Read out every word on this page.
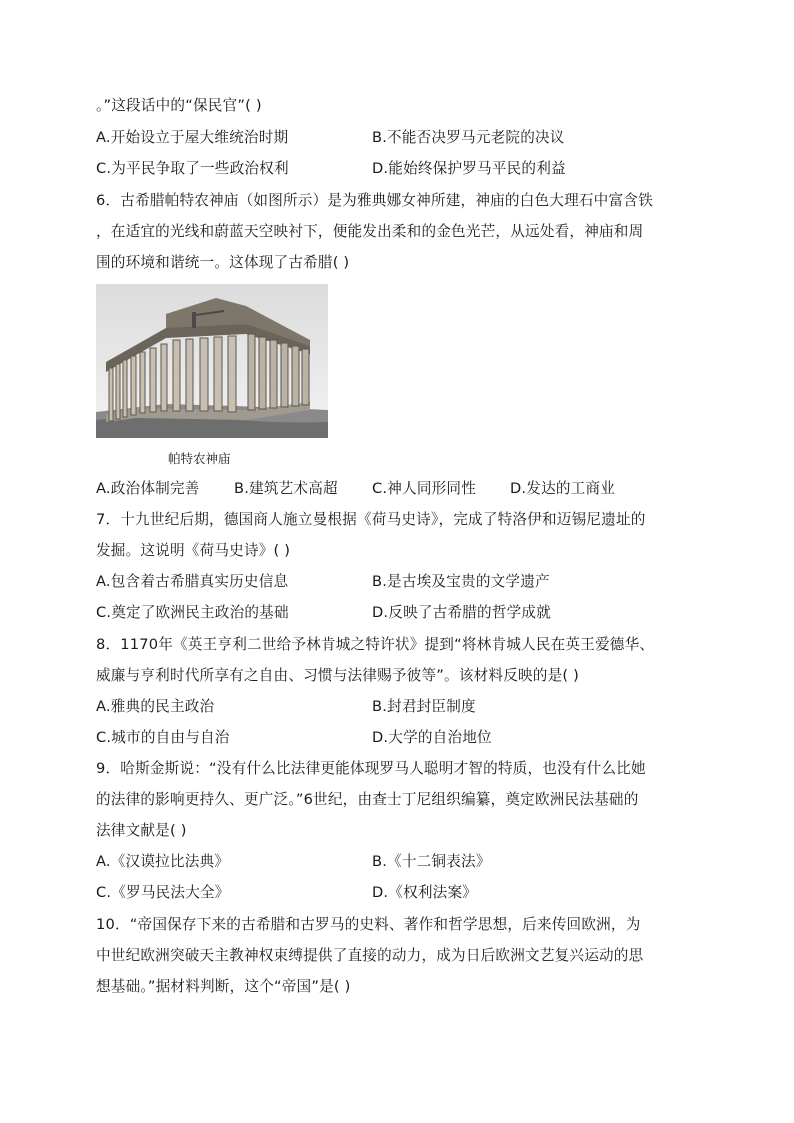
。”这段话中的“保民官”( )
A.开始设立于屋大维统治时期	B.不能否决罗马元老院的决议
C.为平民争取了一些政治权利	D.能始终保护罗马平民的利益
6．古希腊帕特农神庙（如图所示）是为雅典娜女神所建，神庙的白色大理石中富含铁
，在适宜的光线和蔚蓝天空映衬下，便能发出柔和的金色光芒，从远处看，神庙和周
围的环境和谐统一。这体现了古希腊( )
帕特农神庙
A.政治体制完善 B.建筑艺术高超 C.神人同形同性 D.发达的工商业
7．十九世纪后期，德国商人施立曼根据《荷马史诗》，完成了特洛伊和迈锡尼遗址的
发掘。这说明《荷马史诗》( )
A.包含着古希腊真实历史信息	B.是古埃及宝贵的文学遗产
C.奠定了欧洲民主政治的基础	D.反映了古希腊的哲学成就
8．1170年《英王亨利二世给予林肯城之特许状》提到“将林肯城人民在英王爱德华、
威廉与亨利时代所享有之自由、习惯与法律赐予彼等”。该材料反映的是( )
A.雅典的民主政治	B.封君封臣制度
C.城市的自由与自治	D.大学的自治地位
9．哈斯金斯说：“没有什么比法律更能体现罗马人聪明才智的特质，也没有什么比她
的法律的影响更持久、更广泛。”6世纪，由查士丁尼组织编纂，奠定欧洲民法基础的
法律文献是( )
A.《汉谟拉比法典》	B.《十二铜表法》
C.《罗马民法大全》	D.《权利法案》
10．“帝国保存下来的古希腊和古罗马的史料、著作和哲学思想，后来传回欧洲，为
中世纪欧洲突破天主教神权束缚提供了直接的动力，成为日后欧洲文艺复兴运动的思
想基础。”据材料判断，这个“帝国”是( )
